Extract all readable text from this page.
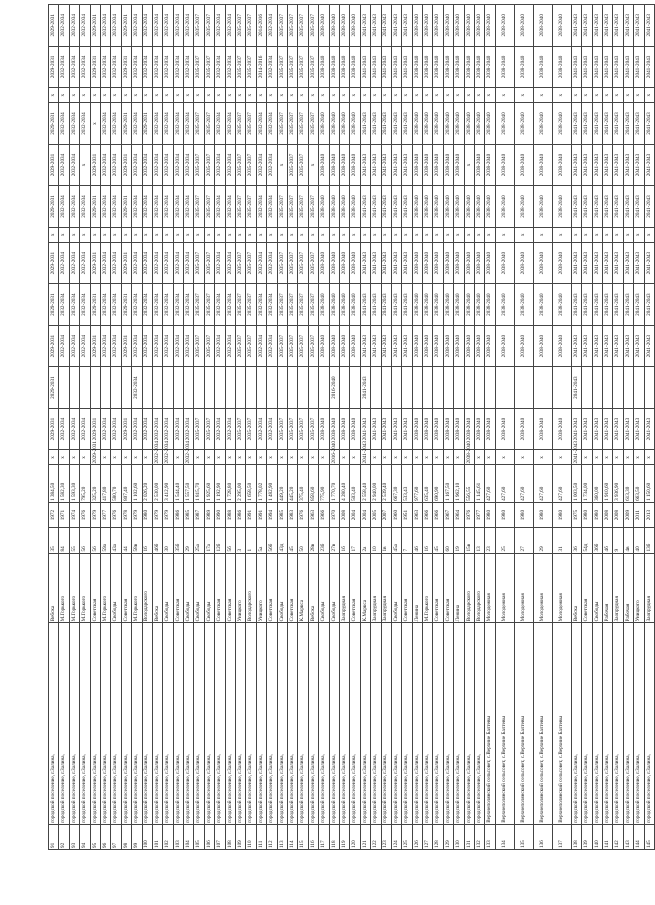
91	городской поселение, г.Залина,	Вебска	35	1972	1 384,50	х	2029-2031	2029-2031	2029-2031	2029-2031	2029-2031	х	2029-2031	2029-2031	2029-2031	х	2029-2031	2029-2031
92	городской поселение, г.Залина,	М.Горького	84	1971	1 582,30	х	2032-2034		2032-2034	2032-2034	2032-2034	х	2032-2034	2032-2034	2032-2034	х	2032-2034	2032-2034
93	городской поселение, г.Залина,	М.Горького	55	1974	1 593,30	х	2032-2034		2032-2034	2032-2034	2032-2034	х	2032-2034	2032-2034	2032-2034	х	2032-2034	2032-2034
94	городской поселение, г.Залина,	М.Горького	56	1976	795,20	х	2032-2034		2032-2034	2032-2034	2032-2034	х	2032-2034	х	2032-2034	х	2032-2034	2032-2034
95	городской поселение, г.Залина,	Советская	56	1979	325,20	2029-2031	2029-2031		2029-2031	2029-2031	2029-2031	х	2029-2031	2029-2031	х	х	2029-2031	2029-2031
96	городской поселение, г.Залина,	М.Горького	59а	1977	417,80	х	2032-2034		2032-2034	2032-2034	2032-2034	х	2032-2034	2032-2034	2032-2034	х	2032-2034	2032-2034
97	городской поселение, г.Залина,	Свободы	43а	1976	580,70	х	2032-2034		2032-2034	2032-2034	2032-2034	х	2032-2034	2032-2034	2032-2034	х	2032-2034	2032-2034
98	городской поселение, г.Залина,	Советская	44	1978	807,40	х	2029-2031		2029-2031	2029-2031	2029-2031	х	2029-2031	2029-2031	2029-2031	х	2029-2031	2029-2031
99	городской поселение, г.Залина,	М.Горького	58в	1979	1 102,60	х	2032-2034	2032-2034	2032-2034	2032-2034	2032-2034	х	2032-2034	2032-2034	2032-2034	х	2032-2034	2032-2034
100	городской поселение, г.Залина,	Володарского	16	1980	2 026,20	х	2032-2034		2032-2034	2032-2034	2032-2034	х	2032-2034	2032-2034	2029-2031	х	2032-2034	2032-2034
101	городской поселение, г.Залина,	Вебска	46б	1979	2 530,00	2032-2034	2032-2034		2032-2034	2032-2034	2032-2034	х	2032-2034	2032-2034	2032-2034	х	2032-2034	2032-2034
102	городской поселение, г.Залина,	Свободы	30	1979	3 412,90	2032-2034	2032-2034		2032-2034	2032-2034	2032-2034	х	2032-2034	2032-2034	2032-2034	х	2032-2034	2032-2034
103	городской поселение, г.Залина,	Советская	35б	1986	1 544,40	х	2032-2034		2032-2034	2032-2034	2032-2034	х	2032-2034	2032-2034	2032-2034	х	2032-2034	2032-2034
104	городской поселение, г.Залина,	Свободы	29	1985	1 557,50	2032-2034	2032-2034		2032-2034	2032-2034	2032-2034	х	2032-2034	2032-2034	2032-2034	х	2032-2034	2032-2034
105	городской поселение, г.Залина,	Свободы	25а	1987	1 815,70	х	2035-2037		2035-2037	2035-2037	2035-2037	х	2035-2037	2035-2037	2035-2037	х	2035-2037	2035-2037
106	городской поселение, г.Залина,	Свободы	17а	1989	1 925,60	х	2035-2037		2035-2037	2035-2037	2035-2037	х	2035-2037	2035-2037	2035-2037	х	2035-2037	2035-2037
107	городской поселение, г.Залина,	Советская	12б	1990	1 192,90	х	2032-2034		2032-2034	2032-2034	2032-2034	х	2032-2034	2032-2034	2032-2034	х	2032-2034	2032-2034
108	городской поселение, г.Залина,	Советская	5б	1988	1 728,80	х	2032-2034		2032-2034	2032-2034	2032-2034	х	2032-2034	2032-2034	2032-2034	х	2032-2034	2032-2034
109	городской поселение, г.Залина,	Уницкого	3	1986	2 295,00	х	2035-2037		2035-2037	2035-2037	2035-2037	х	2035-2037	2035-2037	2035-2037	х	2035-2037	2035-2037
110	городской поселение, г.Залина,	Володарского	1	1991	1 658,50	х	2035-2037		2035-2037	2035-2037	2035-2037	х	2035-2037	2035-2037	2035-2037	х	2035-2037	2035-2037
111	городской поселение, г.Залина,	Уницкого	5а	1991	1 778,02	х	2032-2034		2032-2034	2032-2034	2032-2034	х	2032-2034	2032-2034	2032-2034	х	2014-2016	2014-2016
112	городской поселение, г.Залина,	Советская	56б	1994	1 482,90	х	2032-2034		2032-2034	2032-2034	2032-2034	х	2032-2034	2032-2034	2032-2034	х	2032-2034	2032-2034
113	городской поселение, г.Залина,	Свободы	43д	1985	449,20	х	2035-2037		2035-2037	2035-2037	2035-2037	х	2035-2037	х	2035-2037	х	2035-2037	2035-2037
114	городской поселение, г.Залина,	Советская	45	1983	445,20	х	2035-2037		2035-2037	2035-2037	2035-2037	х	2035-2037	2035-2037	2035-2037	х	2035-2037	2035-2037
115	городской поселение, г.Залина,	К.Маркса	50	1976	375,40	х	2035-2037		2035-2037	2035-2037	2035-2037	х	2035-2037	2035-2037	2035-2037	х	2035-2037	2035-2037
116	городской поселение, г.Залина,	Вебска	28в	1963	858,60	х	2035-2037		2035-2037	2035-2037	2035-2037	х	2035-2037	х	2035-2037	х	2035-2037	2035-2037
117	городской поселение, г.Залина,	Свободы	23б	1966	775,90	х	2038-2040		2038-2040	2038-2040	2038-2040	х	2038-2040	2038-2040	2038-2040	х	2038-2040	2038-2040
118	городской поселение, г.Залина,	Свободы	27в	1970	1 770,70	2016-2040	2038-2040	2016-2040	2038-2040	2038-2040	2038-2040	х	2038-2040	2038-2040	2038-2040	х	2038-2040	2038-2040
119	городской поселение, г.Залина,	Заопрудная	1б	2008	4 280,40	х	2038-2040		2038-2040	2038-2040	2038-2040	х	2038-2040	2038-2040	2038-2040	х	2038-2040	2038-2040
120	городской поселение, г.Залина,	Советская	17	2004	503,40	х	2038-2040		2038-2040	2038-2040	2038-2040	х	2038-2040	2038-2040	2038-2040	х	2038-2040	2038-2040
121	городской поселение, г.Залина,	К.Маркса	2а	2004	2 558,40	2041-2043	2041-2043	2041-2043	2041-2043	2041-2043	2041-2043	х	2041-2043	2041-2043	2041-2043	х	2041-2043	2041-2043
122	городской поселение, г.Залина,	Заопрудная	10	2005	2 940,00	х	2041-2043		2041-2043	2041-2043	2041-2043	х	2041-2043	2041-2043	2041-2043	х	2041-2043	2041-2043
123	городской поселение, г.Залина,	Заопрудная	1в	2007	2 539,40	х	2041-2043		2041-2043	2041-2043	2041-2043	х	2041-2043	2041-2043	2041-2043	х	2041-2043	2041-2043
124	городской поселение, г.Залина,	Свободы	45а	1960	667,30	х	2041-2043		2041-2043	2041-2043	2041-2043	х	2041-2043	2041-2043	2041-2043	х	2041-2043	2041-2043
125	городской поселение, г.Залина,	Советская	7	1951	533,43	х	2041-2043		2041-2043	2041-2043	2041-2043	х	2041-2043	2041-2043	2041-2043	х	2041-2043	2041-2043
126	городской поселение, г.Залина,	Ленина	46	1963	977,60	х	2038-2040		2038-2040	2038-2040	2038-2040	х	2038-2040	2038-2040	2038-2040	х	2038-2040	2038-2040
127	городской поселение, г.Залина,	М.Горького	16	1966	635,40	х	2038-2040		2038-2040	2038-2040	2038-2040	х	2038-2040	2038-2040	2038-2040	х	2038-2040	2038-2040
128	городской поселение, г.Залина,	Советская	45	1966	690,90	х	2038-2040		2038-2040	2038-2040	2038-2040	х	2038-2040	2038-2040	2038-2040	х	2038-2040	2038-2040
129	городской поселение, г.Залина,	Советская	60	1967	1 167,50	х	2038-2040		2038-2040	2038-2040	2038-2040	х	2038-2040	2038-2040	2038-2040	х	2038-2040	2038-2040
130	городской поселение, г.Залина,	Ленина	19	1964	1 962,10	х	2038-2040		2038-2040	2038-2040	2038-2040	х	2038-2040	2038-2040	2038-2040	х	2038-2040	2038-2040
131	городской поселение, г.Залина,	Володарского	15в	1976	556,55	2038-2040	2038-2040		2038-2040	2038-2040	2038-2040	х	2038-2040	х	2038-2040	х	2038-2040	2038-2040
132	городской поселение, г.Залина,	Володарского	13	1977	1 145,61	х	2038-2040		2038-2040	2038-2040	2038-2040	х	2038-2040	2038-2040	2038-2040	х	2038-2040	2038-2040
133	Верхнеполянский сельсовет, с.Верхние Балтевы	Молодежная	23	1980	427,60	х	2038-2040		2038-2040	2038-2040	2038-2040	х	2038-2040	2038-2040	2038-2040	х	2038-2040	2038-2040
134	Верхнеполянский сельсовет, с.Верхние Балтевы	Молодежная	25	1980	427,60	х	2038-2040		2038-2040	2038-2040	2038-2040	х	2038-2040	2038-2040	2038-2040	х	2038-2040	2038-2040
135	Верхнеполянский сельсовет, с.Верхние Балтевы	Молодежная	27	1980	427,60	х	2038-2040		2038-2040	2038-2040	2038-2040	х	2038-2040	2038-2040	2038-2040	х	2038-2040	2038-2040
136	Верхнеполянский сельсовет, с.Верхние Балтевы	Молодежная	29	1980	427,60	х	2038-2040		2038-2040	2038-2040	2038-2040	х	2038-2040	2038-2040	2038-2040	х	2038-2040	2038-2040
137	Верхнеполянский сельсовет, с.Верхние Балтевы	Молодежная	31	1980	427,60	х	2038-2040		2038-2040	2038-2040	2038-2040	х	2038-2040	2038-2040	2038-2040	х	2038-2040	2038-2040
138	городской поселение, г.Залина,	Вебска	36	1975	1 003,50	2041-2043	2041-2043	2041-2043	2041-2043	2041-2043	2041-2043	х	2041-2043	2041-2043	2041-2043	х	2041-2043	2041-2043
139	городской поселение, г.Залина,	Советская	54д	1980	1 734,00	х	2041-2043		2041-2043	2041-2043	2041-2043	х	2041-2043	2041-2043	2041-2043	х	2041-2043	2041-2043
140	городской поселение, г.Залина,	Свободы	36б	1980	360,00	х	2041-2043		2041-2043	2041-2043	2041-2043	х	2041-2043	2041-2043	2041-2043	х	2041-2043	2041-2043
141	городской поселение, г.Залина,	Рабочая	4б	2008	1 910,60	х	2041-2043		2041-2043	2041-2043	2041-2043	х	2041-2043	2041-2043	2041-2043	х	2041-2043	2041-2043
142	городской поселение, г.Залина,	Заопрудная	9	2008	3 936,90	х	2041-2043		2041-2043	2041-2043	2041-2043	х	2041-2043	2041-2043	2041-2043	х	2041-2043	2041-2043
143	городской поселение, г.Залина,	Рабочая	4в	2009	613,30	х	2041-2043		2041-2043	2041-2043	2041-2043	х	2041-2043	2041-2043	2041-2043	х	2041-2043	2041-2043
144	городской поселение, г.Залина,	Уницкого	40	2011	663,50	х	2041-2043		2041-2043	2041-2043	2041-2043	х	2041-2043	2041-2043	2041-2043	х	2041-2043	2041-2043
145	городской поселение, г.Залина,	Заопрудная	13б	2013	1 150,60	х	2041-2043		2041-2043	2041-2043	2041-2043	х	2041-2043	2041-2043	2041-2043	х	2041-2043	2041-2043
